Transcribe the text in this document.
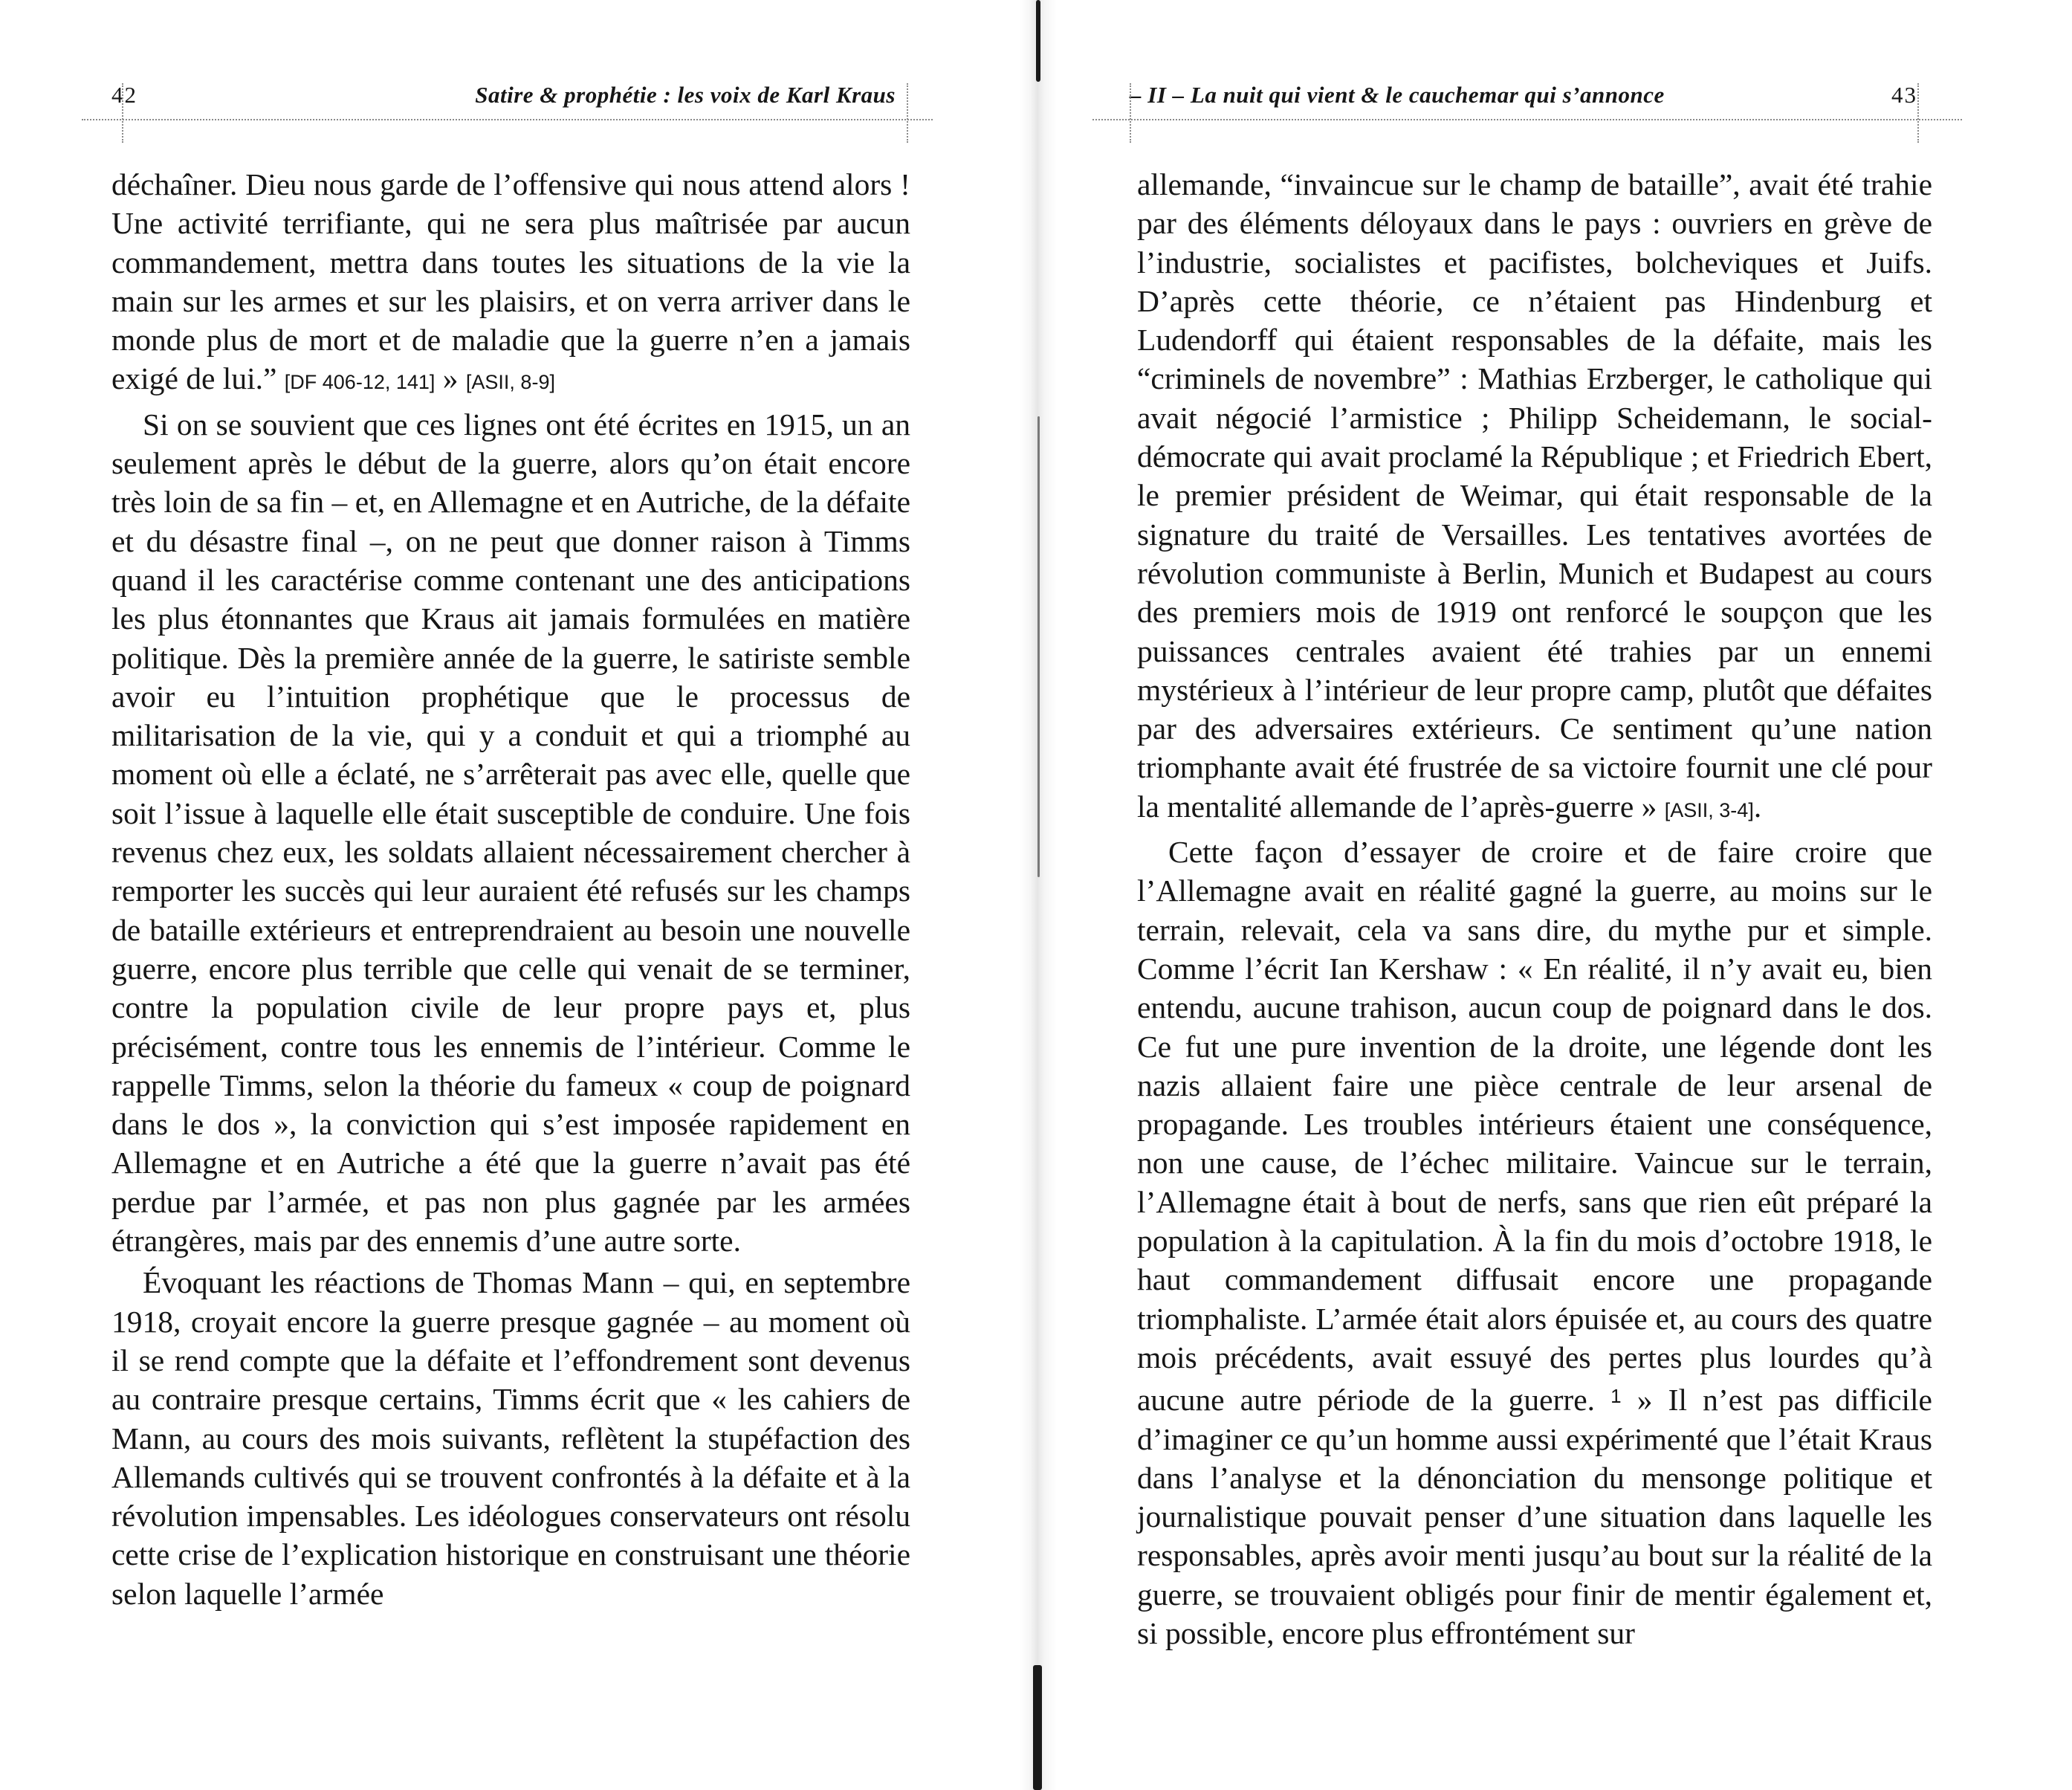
42	Satire & prophétie : les voix de Karl Kraus

déchaîner. Dieu nous garde de l’offensive qui nous attend alors ! Une activité terrifiante, qui ne sera plus maîtrisée par aucun commandement, mettra dans toutes les situations de la vie la main sur les armes et sur les plaisirs, et on verra arriver dans le monde plus de mort et de maladie que la guerre n’en a jamais exigé de lui.” [DF 406-12, 141] » [ASII, 8-9]

Si on se souvient que ces lignes ont été écrites en 1915, un an seulement après le début de la guerre, alors qu’on était encore très loin de sa fin – et, en Allemagne et en Autriche, de la défaite et du désastre final –, on ne peut que donner raison à Timms quand il les caractérise comme contenant une des anticipations les plus étonnantes que Kraus ait jamais formulées en matière politique. Dès la première année de la guerre, le satiriste semble avoir eu l’intuition prophétique que le processus de militarisation de la vie, qui y a conduit et qui a triomphé au moment où elle a éclaté, ne s’arrêterait pas avec elle, quelle que soit l’issue à laquelle elle était susceptible de conduire. Une fois revenus chez eux, les soldats allaient nécessairement chercher à remporter les succès qui leur auraient été refusés sur les champs de bataille extérieurs et entreprendraient au besoin une nouvelle guerre, encore plus terrible que celle qui venait de se terminer, contre la population civile de leur propre pays et, plus précisément, contre tous les ennemis de l’intérieur. Comme le rappelle Timms, selon la théorie du fameux « coup de poignard dans le dos », la conviction qui s’est imposée rapidement en Allemagne et en Autriche a été que la guerre n’avait pas été perdue par l’armée, et pas non plus gagnée par les armées étrangères, mais par des ennemis d’une autre sorte.

Évoquant les réactions de Thomas Mann – qui, en septembre 1918, croyait encore la guerre presque gagnée – au moment où il se rend compte que la défaite et l’effondrement sont devenus au contraire presque certains, Timms écrit que « les cahiers de Mann, au cours des mois suivants, reflètent la stupéfaction des Allemands cultivés qui se trouvent confrontés à la défaite et à la révolution impensables. Les idéologues conservateurs ont résolu cette crise de l’explication historique en construisant une théorie selon laquelle l’armée

– II – La nuit qui vient & le cauchemar qui s’annonce	43

allemande, “invaincue sur le champ de bataille”, avait été trahie par des éléments déloyaux dans le pays : ouvriers en grève de l’industrie, socialistes et pacifistes, bolcheviques et Juifs. D’après cette théorie, ce n’étaient pas Hindenburg et Ludendorff qui étaient responsables de la défaite, mais les “criminels de novembre” : Mathias Erzberger, le catholique qui avait négocié l’armistice ; Philipp Scheidemann, le social-démocrate qui avait proclamé la République ; et Friedrich Ebert, le premier président de Weimar, qui était responsable de la signature du traité de Versailles. Les tentatives avortées de révolution communiste à Berlin, Munich et Budapest au cours des premiers mois de 1919 ont renforcé le soupçon que les puissances centrales avaient été trahies par un ennemi mystérieux à l’intérieur de leur propre camp, plutôt que défaites par des adversaires extérieurs. Ce sentiment qu’une nation triomphante avait été frustrée de sa victoire fournit une clé pour la mentalité allemande de l’après-guerre » [ASII, 3-4].

Cette façon d’essayer de croire et de faire croire que l’Allemagne avait en réalité gagné la guerre, au moins sur le terrain, relevait, cela va sans dire, du mythe pur et simple. Comme l’écrit Ian Kershaw : « En réalité, il n’y avait eu, bien entendu, aucune trahison, aucun coup de poignard dans le dos. Ce fut une pure invention de la droite, une légende dont les nazis allaient faire une pièce centrale de leur arsenal de propagande. Les troubles intérieurs étaient une conséquence, non une cause, de l’échec militaire. Vaincue sur le terrain, l’Allemagne était à bout de nerfs, sans que rien eût préparé la population à la capitulation. À la fin du mois d’octobre 1918, le haut commandement diffusait encore une propagande triomphaliste. L’armée était alors épuisée et, au cours des quatre mois précédents, avait essuyé des pertes plus lourdes qu’à aucune autre période de la guerre. $^1$ » Il n’est pas difficile d’imaginer ce qu’un homme aussi expérimenté que l’était Kraus dans l’analyse et la dénonciation du mensonge politique et journalistique pouvait penser d’une situation dans laquelle les responsables, après avoir menti jusqu’au bout sur la réalité de la guerre, se trouvaient obligés pour finir de mentir également et, si possible, encore plus effrontément sur
